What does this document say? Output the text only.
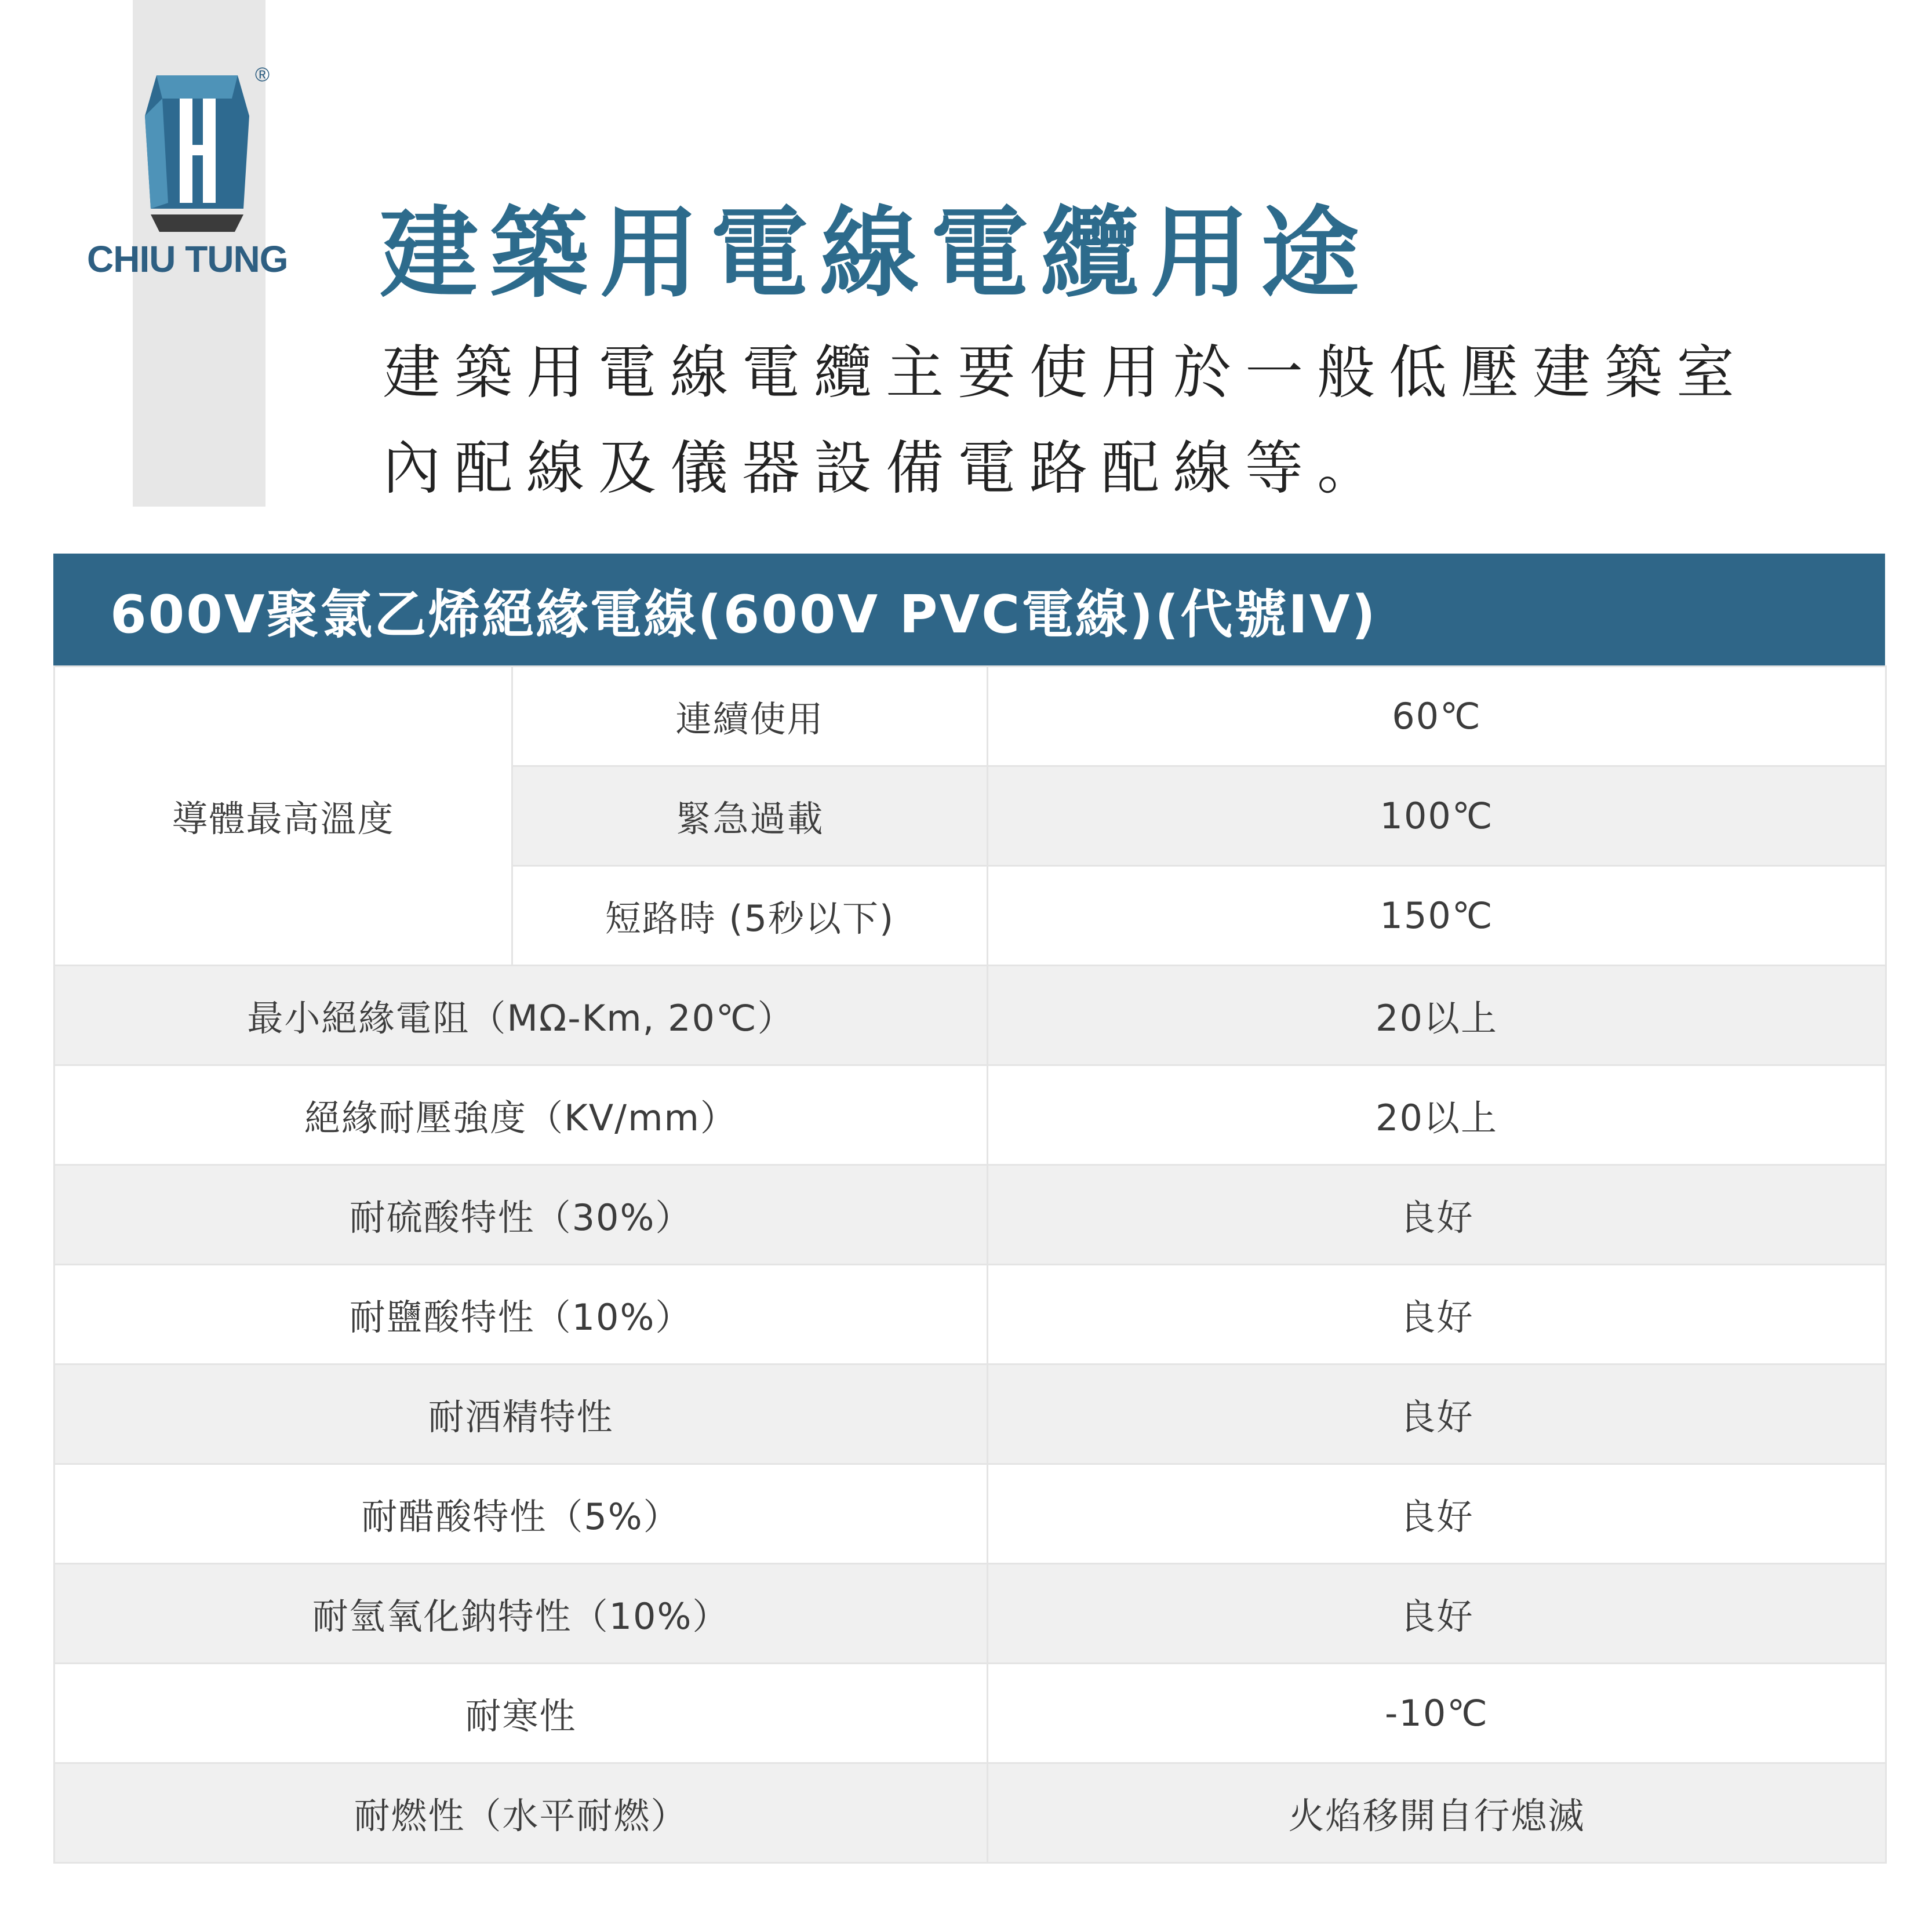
®
CHIU TUNG 建築用電線電纜用途
建築用電線電纜主要使用於一般低壓建築室
內配線及儀器設備電路配線等。
600V聚氯乙烯絕緣電線(600V PVC電線)(代號IV)
導體最高溫度	連續使用	60℃
	緊急過載	100℃
	短路時 (5秒以下)	150℃
最小絕緣電阻（MΩ-Km, 20℃）		20以上
絕緣耐壓強度（KV/mm）		20以上
耐硫酸特性（30%）		良好
耐鹽酸特性（10%）		良好
耐酒精特性		良好
耐醋酸特性（5%）		良好
耐氫氧化鈉特性（10%）		良好
耐寒性		-10℃
耐燃性（水平耐燃）		火焰移開自行熄滅
